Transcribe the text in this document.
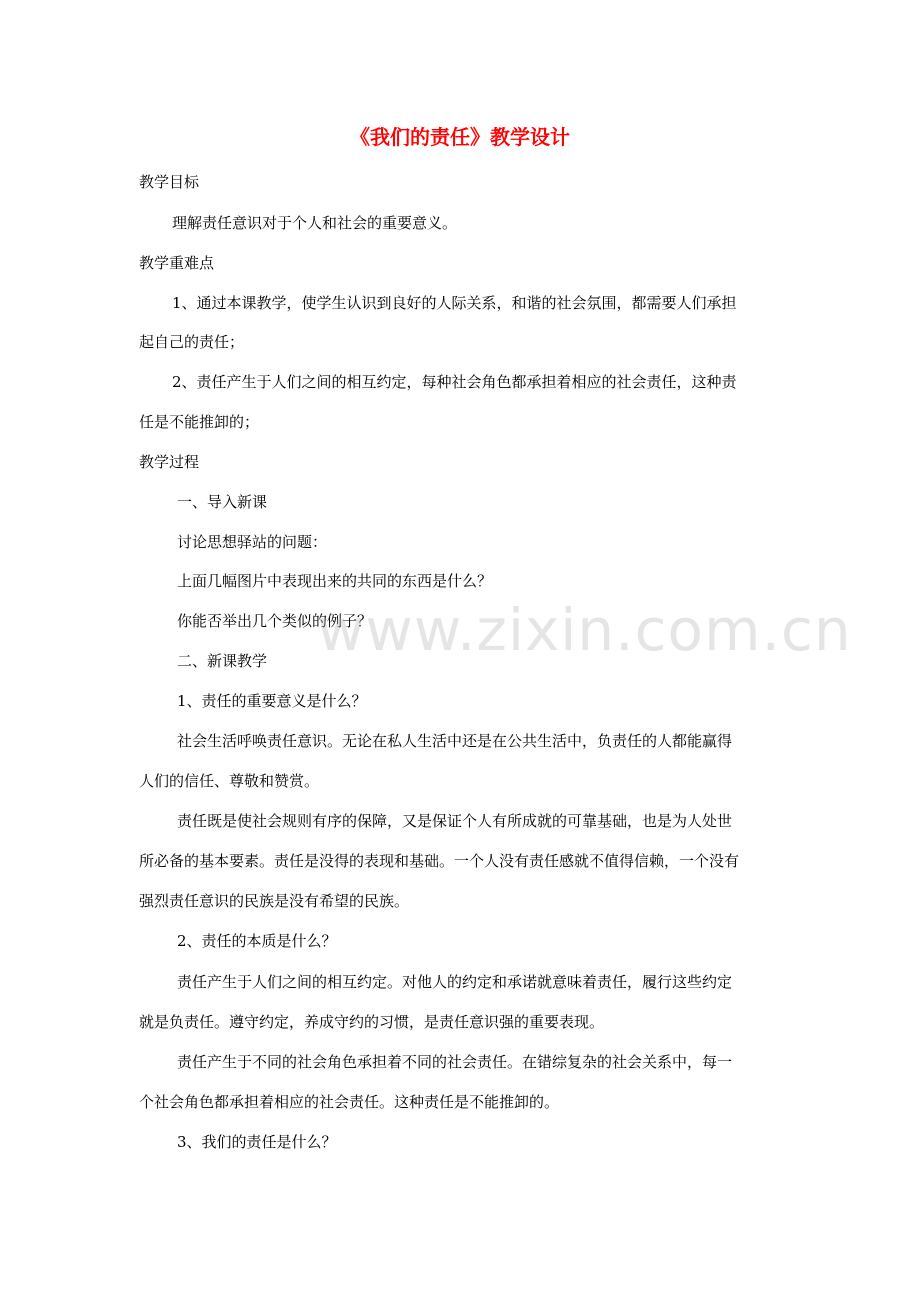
《我们的责任》教学设计
教学目标
理解责任意识对于个人和社会的重要意义。
教学重难点
1、通过本课教学，使学生认识到良好的人际关系，和谐的社会氛围，都需要人们承担
起自己的责任；
2、责任产生于人们之间的相互约定，每种社会角色都承担着相应的社会责任，这种责
任是不能推卸的；
教学过程
一、导入新课
讨论思想驿站的问题：
上面几幅图片中表现出来的共同的东西是什么？
你能否举出几个类似的例子？
二、新课教学
1、责任的重要意义是什么？
社会生活呼唤责任意识。无论在私人生活中还是在公共生活中，负责任的人都能赢得
人们的信任、尊敬和赞赏。
责任既是使社会规则有序的保障，又是保证个人有所成就的可靠基础，也是为人处世
所必备的基本要素。责任是没得的表现和基础。一个人没有责任感就不值得信赖，一个没有
强烈责任意识的民族是没有希望的民族。
2、责任的本质是什么？
责任产生于人们之间的相互约定。对他人的约定和承诺就意味着责任，履行这些约定
就是负责任。遵守约定，养成守约的习惯，是责任意识强的重要表现。
责任产生于不同的社会角色承担着不同的社会责任。在错综复杂的社会关系中，每一
个社会角色都承担着相应的社会责任。这种责任是不能推卸的。
3、我们的责任是什么？
www.zixin.com.cn
